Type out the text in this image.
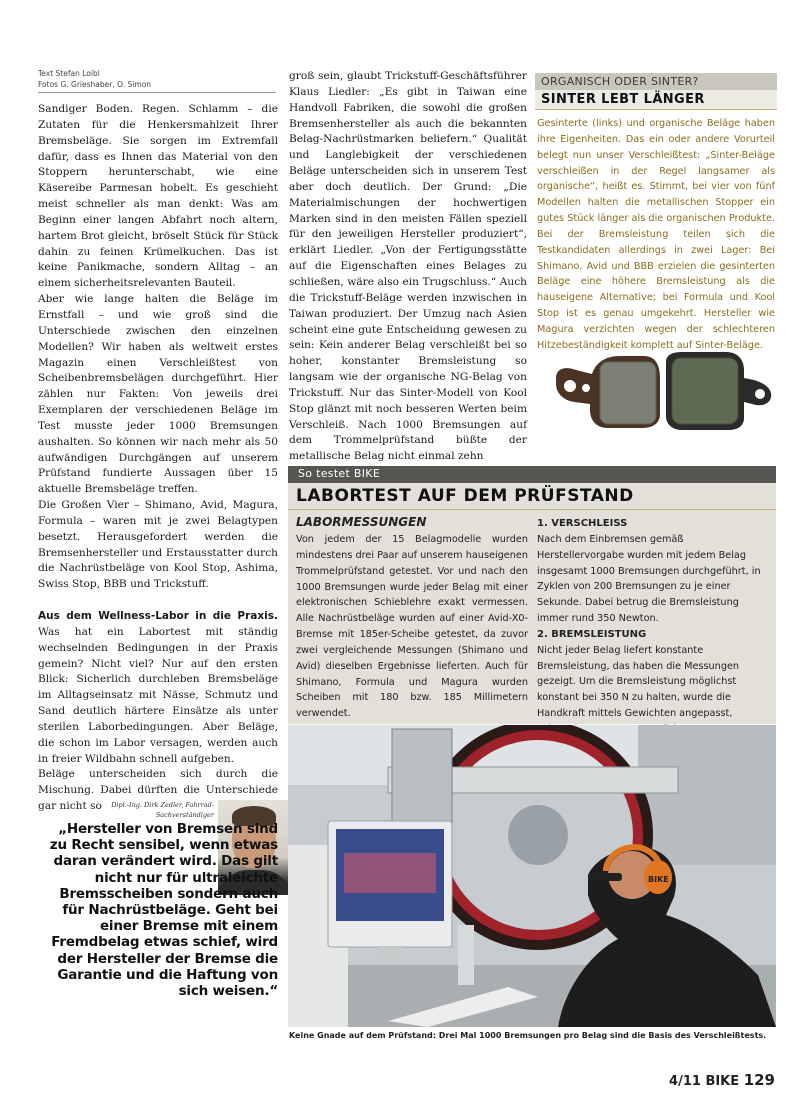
Text Stefan Loibl
Fotos G. Grieshaber, O. Simon

Sandiger Boden. Regen. Schlamm – die Zutaten für die Henkersmahlzeit Ihrer Bremsbeläge. Sie sorgen im Extremfall dafür, dass es Ihnen das Material von den Stoppern herunterschabt, wie eine Käsereibe Parmesan hobelt. Es geschieht meist schneller als man denkt: Was am Beginn einer langen Abfahrt noch altern, hartem Brot gleicht, bröselt Stück für Stück dahin zu feinen Krümelkuchen. Das ist keine Panikmache, sondern Alltag – an einem sicherheitsrelevanten Bauteil.

Aber wie lange halten die Beläge im Ernstfall – und wie groß sind die Unterschiede zwischen den einzelnen Modellen? Wir haben als weltweit erstes Magazin einen Verschleißtest von Scheibenbremsbelägen durchgeführt. Hier zählen nur Fakten: Von jeweils drei Exemplaren der verschiedenen Beläge im Test musste jeder 1000 Bremsungen aushalten. So können wir nach mehr als 50 aufwändigen Durchgängen auf unserem Prüfstand fundierte Aussagen über 15 aktuelle Bremsbeläge treffen.

Die Großen Vier – Shimano, Avid, Magura, Formula – waren mit je zwei Belagtypen besetzt. Herausgefordert werden die Bremsenhersteller und Erstausstatter durch die Nachrüstbeläge von Kool Stop, Ashima, Swiss Stop, BBB und Trickstuff.

Aus dem Wellness-Labor in die Praxis. Was hat ein Labortest mit ständig wechselnden Bedingungen in der Praxis gemein? Nicht viel? Nur auf den ersten Blick: Sicherlich durchleben Bremsbeläge im Alltagseinsatz mit Nässe, Schmutz und Sand deutlich härtere Einsätze als unter sterilen Laborbedingungen. Aber Beläge, die schon im Labor versagen, werden auch in freier Wildbahn schnell aufgeben.

Beläge unterscheiden sich durch die Mischung. Dabei dürften die Unterschiede gar nicht so

groß sein, glaubt Trickstuff-Geschäftsführer Klaus Liedler: „Es gibt in Taiwan eine Handvoll Fabriken, die sowohl die großen Bremsenhersteller als auch die bekannten Belag-Nachrüstmarken beliefern.“ Qualität und Langlebigkeit der verschiedenen Beläge unterscheiden sich in unserem Test aber doch deutlich. Der Grund: „Die Materialmischungen der hochwertigen Marken sind in den meisten Fällen speziell für den jeweiligen Hersteller produziert“, erklärt Liedler. „Von der Fertigungsstätte auf die Eigenschaften eines Belages zu schließen, wäre also ein Trugschluss.“ Auch die Trickstuff-Beläge werden inzwischen in Taiwan produziert. Der Umzug nach Asien scheint eine gute Entscheidung gewesen zu sein: Kein anderer Belag verschleißt bei so hoher, konstanter Bremsleistung so langsam wie der organische NG-Belag von Trickstuff. Nur das Sinter-Modell von Kool Stop glänzt mit noch besseren Werten beim Verschleiß. Nach 1000 Bremsungen auf dem Trommelprüfstand büßte der metallische Belag nicht einmal zehn

Dipl.-Ing. Dirk Zedler, Fahrrad-Sachverständiger
„Hersteller von Bremsen sind zu Recht sensibel, wenn etwas daran verändert wird. Das gilt nicht nur für ultraleichte Bremsscheiben sondern auch für Nachrüstbeläge. Geht bei einer Bremse mit einem Fremdbelag etwas schief, wird der Hersteller der Bremse die Garantie und die Haftung von sich weisen.“
ORGANISCH ODER SINTER?
SINTER LEBT LÄNGER
Gesinterte (links) und organische Beläge haben ihre Eigenheiten. Das ein oder andere Vorurteil belegt nun unser Verschleißtest: „Sinter-Beläge verschleißen in der Regel langsamer als organische“, heißt es. Stimmt, bei vier von fünf Modellen halten die metallischen Stopper ein gutes Stück länger als die organischen Produkte. Bei der Bremsleistung teilen sich die Testkandidaten allerdings in zwei Lager: Bei Shimano, Avid und BBB erzielen die gesinterten Beläge eine höhere Bremsleistung als die hauseigene Alternative; bei Formula und Kool Stop ist es genau umgekehrt. Hersteller wie Magura verzichten wegen der schlechteren Hitzebeständigkeit komplett auf Sinter-Beläge.
So testet BIKE
LABORTEST AUF DEM PRÜFSTAND
LABORMESSUNGEN
Von jedem der 15 Belagmodelle wurden mindestens drei Paar auf unserem hauseigenen Trommelprüfstand getestet. Vor und nach den 1000 Bremsungen wurde jeder Belag mit einer elektronischen Schieblehre exakt vermessen. Alle Nachrüstbeläge wurden auf einer Avid-X0-Bremse mit 185er-Scheibe getestet, da zuvor zwei vergleichende Messungen (Shimano und Avid) dieselben Ergebnisse lieferten. Auch für Shimano, Formula und Magura wurden Scheiben mit 180 bzw. 185 Millimetern verwendet.
1. VERSCHLEISS
Nach dem Einbremsen gemäß Herstellervorgabe wurden mit jedem Belag insgesamt 1000 Bremsungen durchgeführt, in Zyklen von 200 Bremsungen zu je einer Sekunde. Dabei betrug die Bremsleistung immer rund 350 Newton.
2. BREMSLEISTUNG
Nicht jeder Belag liefert konstante Bremsleistung, das haben die Messungen gezeigt. Um die Bremsleistung möglichst konstant bei 350 N zu halten, wurde die Handkraft mittels Gewichten angepasst,
BIKE
Keine Gnade auf dem Prüfstand: Drei Mal 1000 Bremsungen pro Belag sind die Basis des Verschleißtests.
4/11 BIKE 129
